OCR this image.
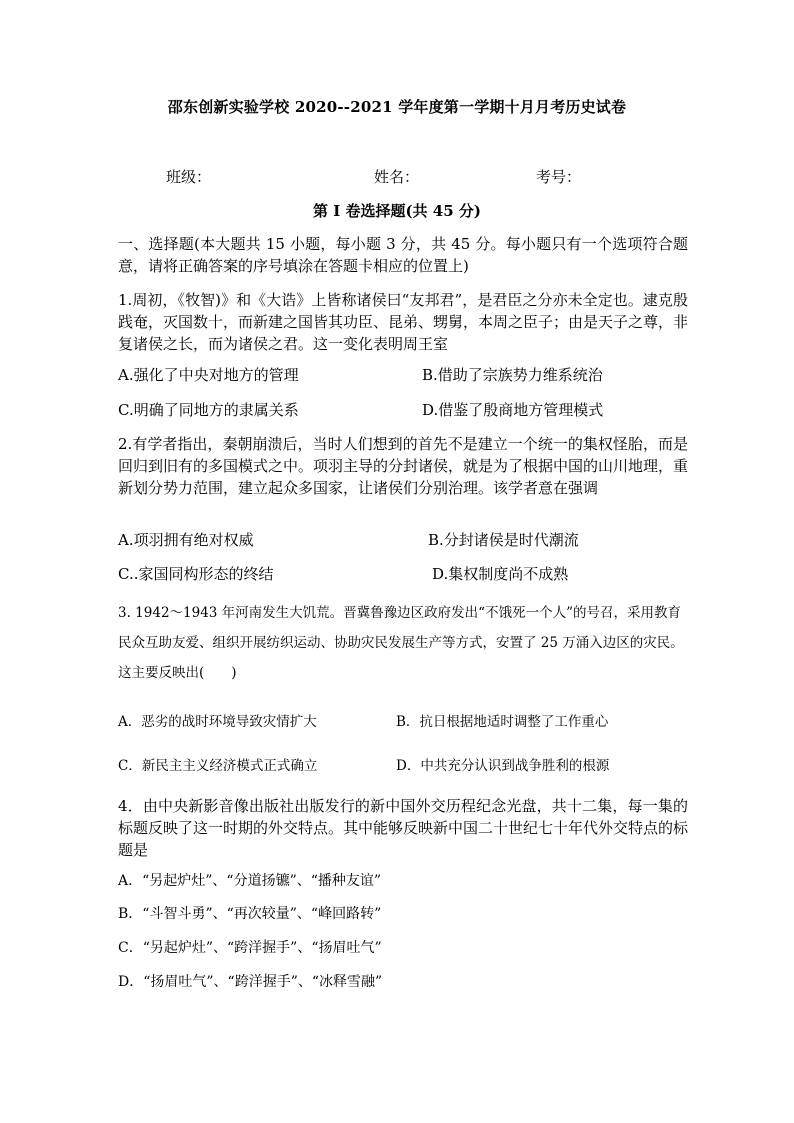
邵东创新实验学校 2020--2021 学年度第一学期十月月考历史试卷
班级：	姓名：	考号：
第 I 卷选择题(共 45 分)
一、选择题(本大题共 15 小题，每小题 3 分，共 45 分。每小题只有一个选项符合题意，请将正确答案的序号填涂在答题卡相应的位置上)
1.周初，《牧智)》和《大诰》上皆称诸侯曰“友邦君”，是君臣之分亦未全定也。逮克殷践奄，灭国数十，而新建之国皆其功臣、昆弟、甥舅，本周之臣子；由是天子之尊，非复诸侯之长，而为诸侯之君。这一变化表明周王室
A.强化了中央对地方的管理	B.借助了宗族势力维系统治
C.明确了同地方的隶属关系	D.借鉴了殷商地方管理模式
2.有学者指出，秦朝崩溃后，当时人们想到的首先不是建立一个统一的集权怪胎，而是回归到旧有的多国模式之中。项羽主导的分封诸侯，就是为了根据中国的山川地理，重新划分势力范围，建立起众多国家，让诸侯们分别治理。该学者意在强调
A.项羽拥有绝对权威	B.分封诸侯是时代潮流
C..家国同构形态的终结	D.集权制度尚不成熟
3. 1942～1943 年河南发生大饥荒。晋冀鲁豫边区政府发出“不饿死一个人”的号召，采用教育民众互助友爱、组织开展纺织运动、协助灾民发展生产等方式，安置了 25 万涌入边区的灾民。这主要反映出(　　)
A．恶劣的战时环境导致灾情扩大	B．抗日根据地适时调整了工作重心
C．新民主主义经济模式正式确立	D．中共充分认识到战争胜利的根源
4．由中央新影音像出版社出版发行的新中国外交历程纪念光盘，共十二集，每一集的标题反映了这一时期的外交特点。其中能够反映新中国二十世纪七十年代外交特点的标题是
A．“另起炉灶”、“分道扬镳”、“播种友谊”
B．“斗智斗勇”、“再次较量”、“峰回路转”
C．“另起炉灶”、“跨洋握手”、“扬眉吐气”
D．“扬眉吐气”、“跨洋握手”、“冰释雪融”
